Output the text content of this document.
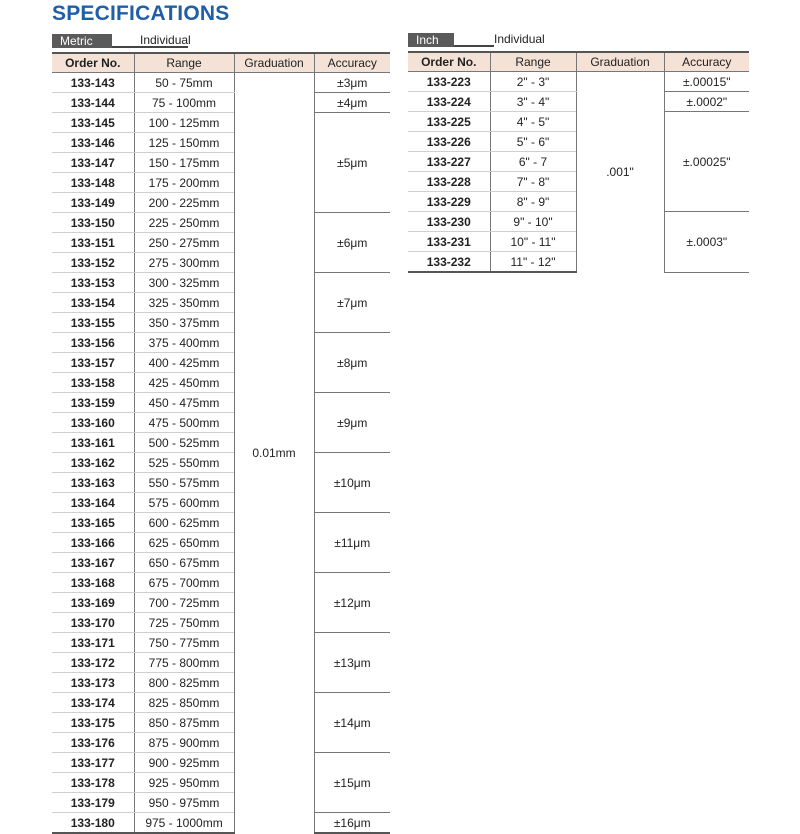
SPECIFICATIONS
Metric	Individual
Order No.	Range	Graduation	Accuracy
133-143	50 - 75mm	0.01mm	±3μm
133-144	75 - 100mm		±4μm
133-145	100 - 125mm		±5μm
133-146	125 - 150mm		
133-147	150 - 175mm		
133-148	175 - 200mm		
133-149	200 - 225mm		
133-150	225 - 250mm		±6μm
133-151	250 - 275mm		
133-152	275 - 300mm		
133-153	300 - 325mm		±7μm
133-154	325 - 350mm		
133-155	350 - 375mm		
133-156	375 - 400mm		±8μm
133-157	400 - 425mm		
133-158	425 - 450mm		
133-159	450 - 475mm		±9μm
133-160	475 - 500mm		
133-161	500 - 525mm		
133-162	525 - 550mm		±10μm
133-163	550 - 575mm		
133-164	575 - 600mm		
133-165	600 - 625mm		±11μm
133-166	625 - 650mm		
133-167	650 - 675mm		
133-168	675 - 700mm		±12μm
133-169	700 - 725mm		
133-170	725 - 750mm		
133-171	750 - 775mm		±13μm
133-172	775 - 800mm		
133-173	800 - 825mm		
133-174	825 - 850mm		±14μm
133-175	850 - 875mm		
133-176	875 - 900mm		
133-177	900 - 925mm		±15μm
133-178	925 - 950mm		
133-179	950 - 975mm		
133-180	975 - 1000mm		±16μm
Inch	Individual
Order No.	Range	Graduation	Accuracy
133-223	2" - 3"	.001"	±.00015"
133-224	3" - 4"		±.0002"
133-225	4" - 5"		±.00025"
133-226	5" - 6"		
133-227	6" - 7		
133-228	7" - 8"		
133-229	8" - 9"		
133-230	9" - 10"		±.0003"
133-231	10" - 11"		
133-232	11" - 12"		
